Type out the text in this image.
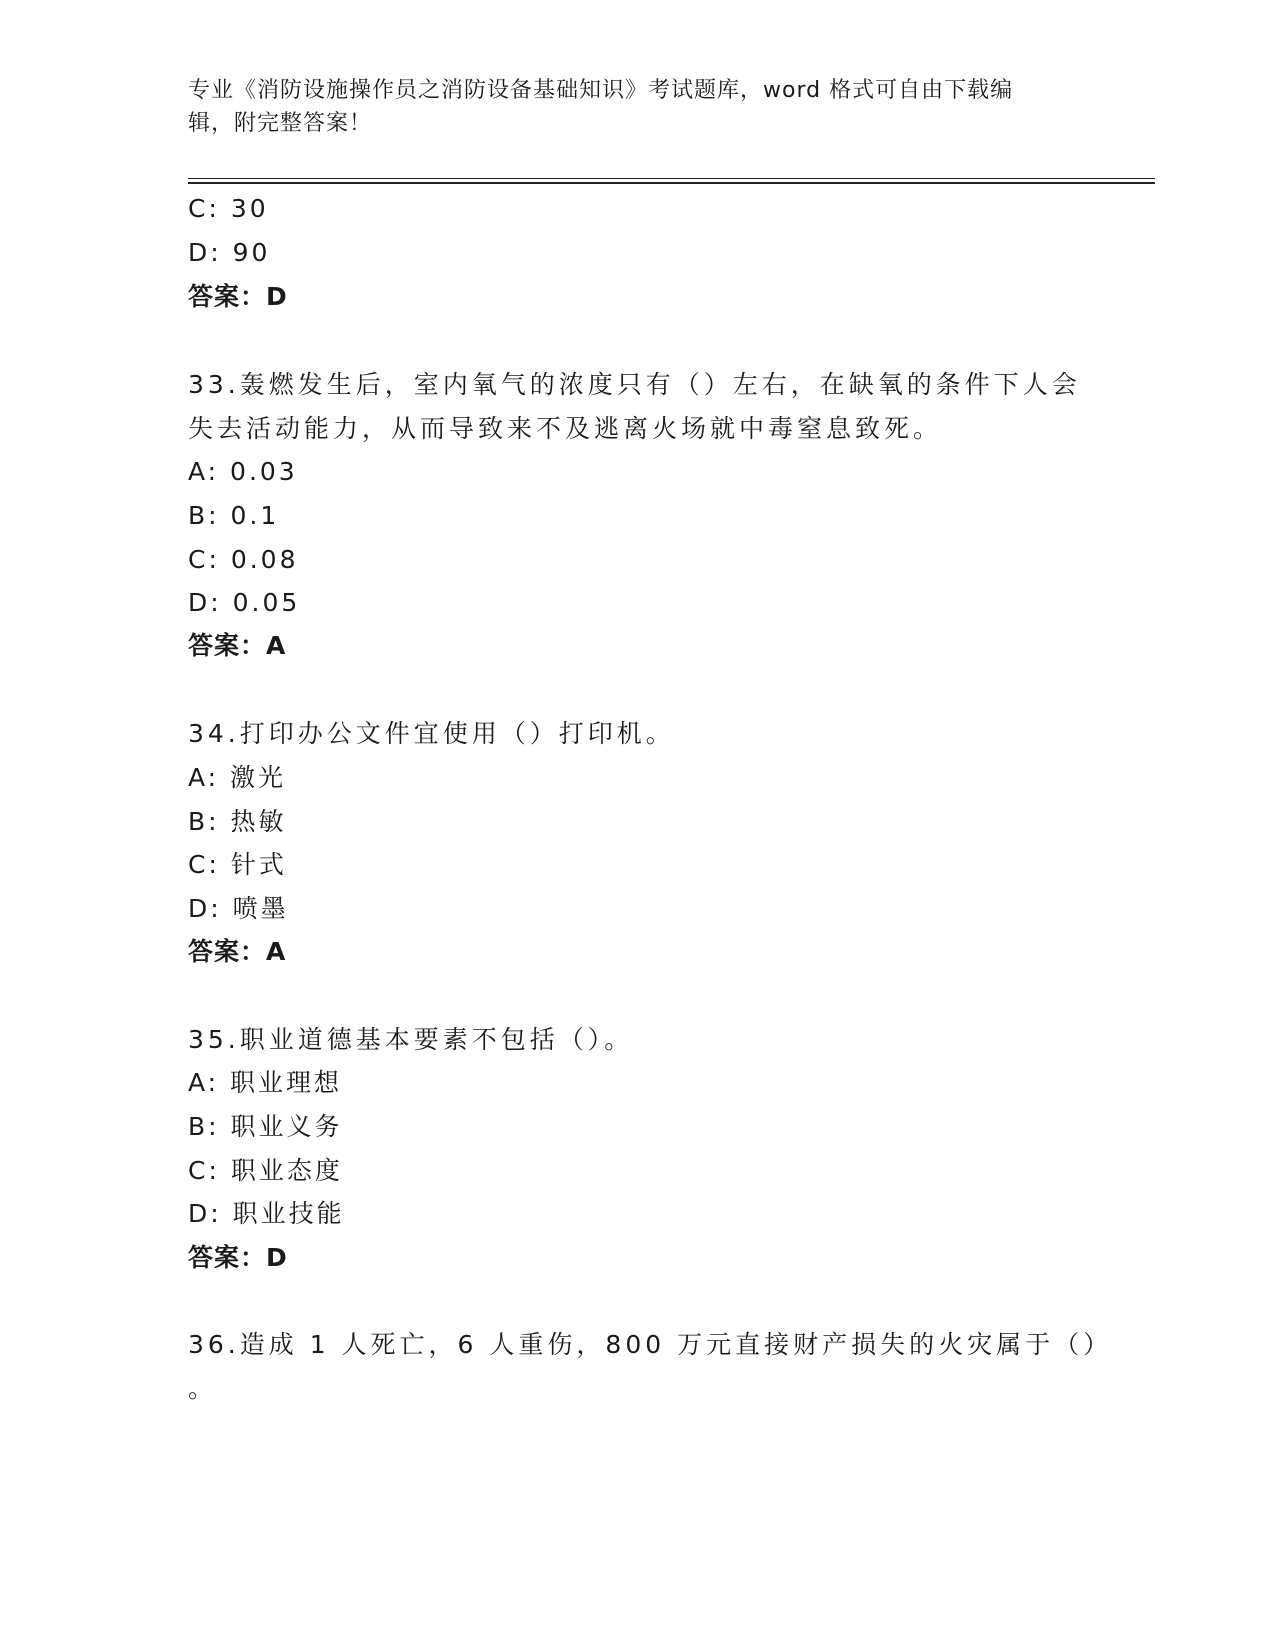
专业《消防设施操作员之消防设备基础知识》考试题库，word 格式可自由下载编
辑，附完整答案！
C: 30
D: 90
答案：D
33.轰燃发生后，室内氧气的浓度只有（）左右，在缺氧的条件下人会
失去活动能力，从而导致来不及逃离火场就中毒窒息致死。
A: 0.03
B: 0.1
C: 0.08
D: 0.05
答案：A
34.打印办公文件宜使用（）打印机。
A: 激光
B: 热敏
C: 针式
D: 喷墨
答案：A
35.职业道德基本要素不包括（）。
A: 职业理想
B: 职业义务
C: 职业态度
D: 职业技能
答案：D
36.造成 1 人死亡，6 人重伤，800 万元直接财产损失的火灾属于（）
。
